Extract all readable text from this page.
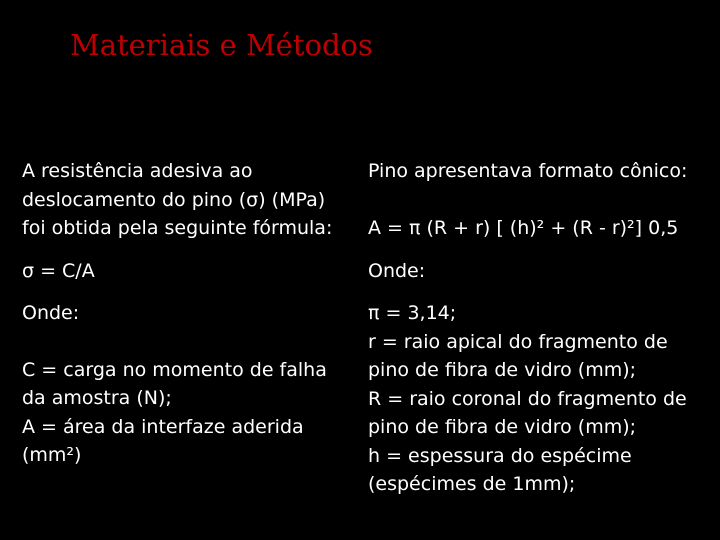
Materiais e Métodos
A resistência adesiva ao
deslocamento do pino (σ) (MPa)
foi obtida pela seguinte fórmula:
σ = C/A
Onde:
C = carga no momento de falha
da amostra (N);
A = área da interfaze aderida
(mm²)
Pino apresentava formato cônico:
A = π (R + r) [ (h)² + (R - r)²] 0,5
Onde:
π = 3,14;
r = raio apical do fragmento de
pino de fibra de vidro (mm);
R = raio coronal do fragmento de
pino de fibra de vidro (mm);
h = espessura do espécime
(espécimes de 1mm);
